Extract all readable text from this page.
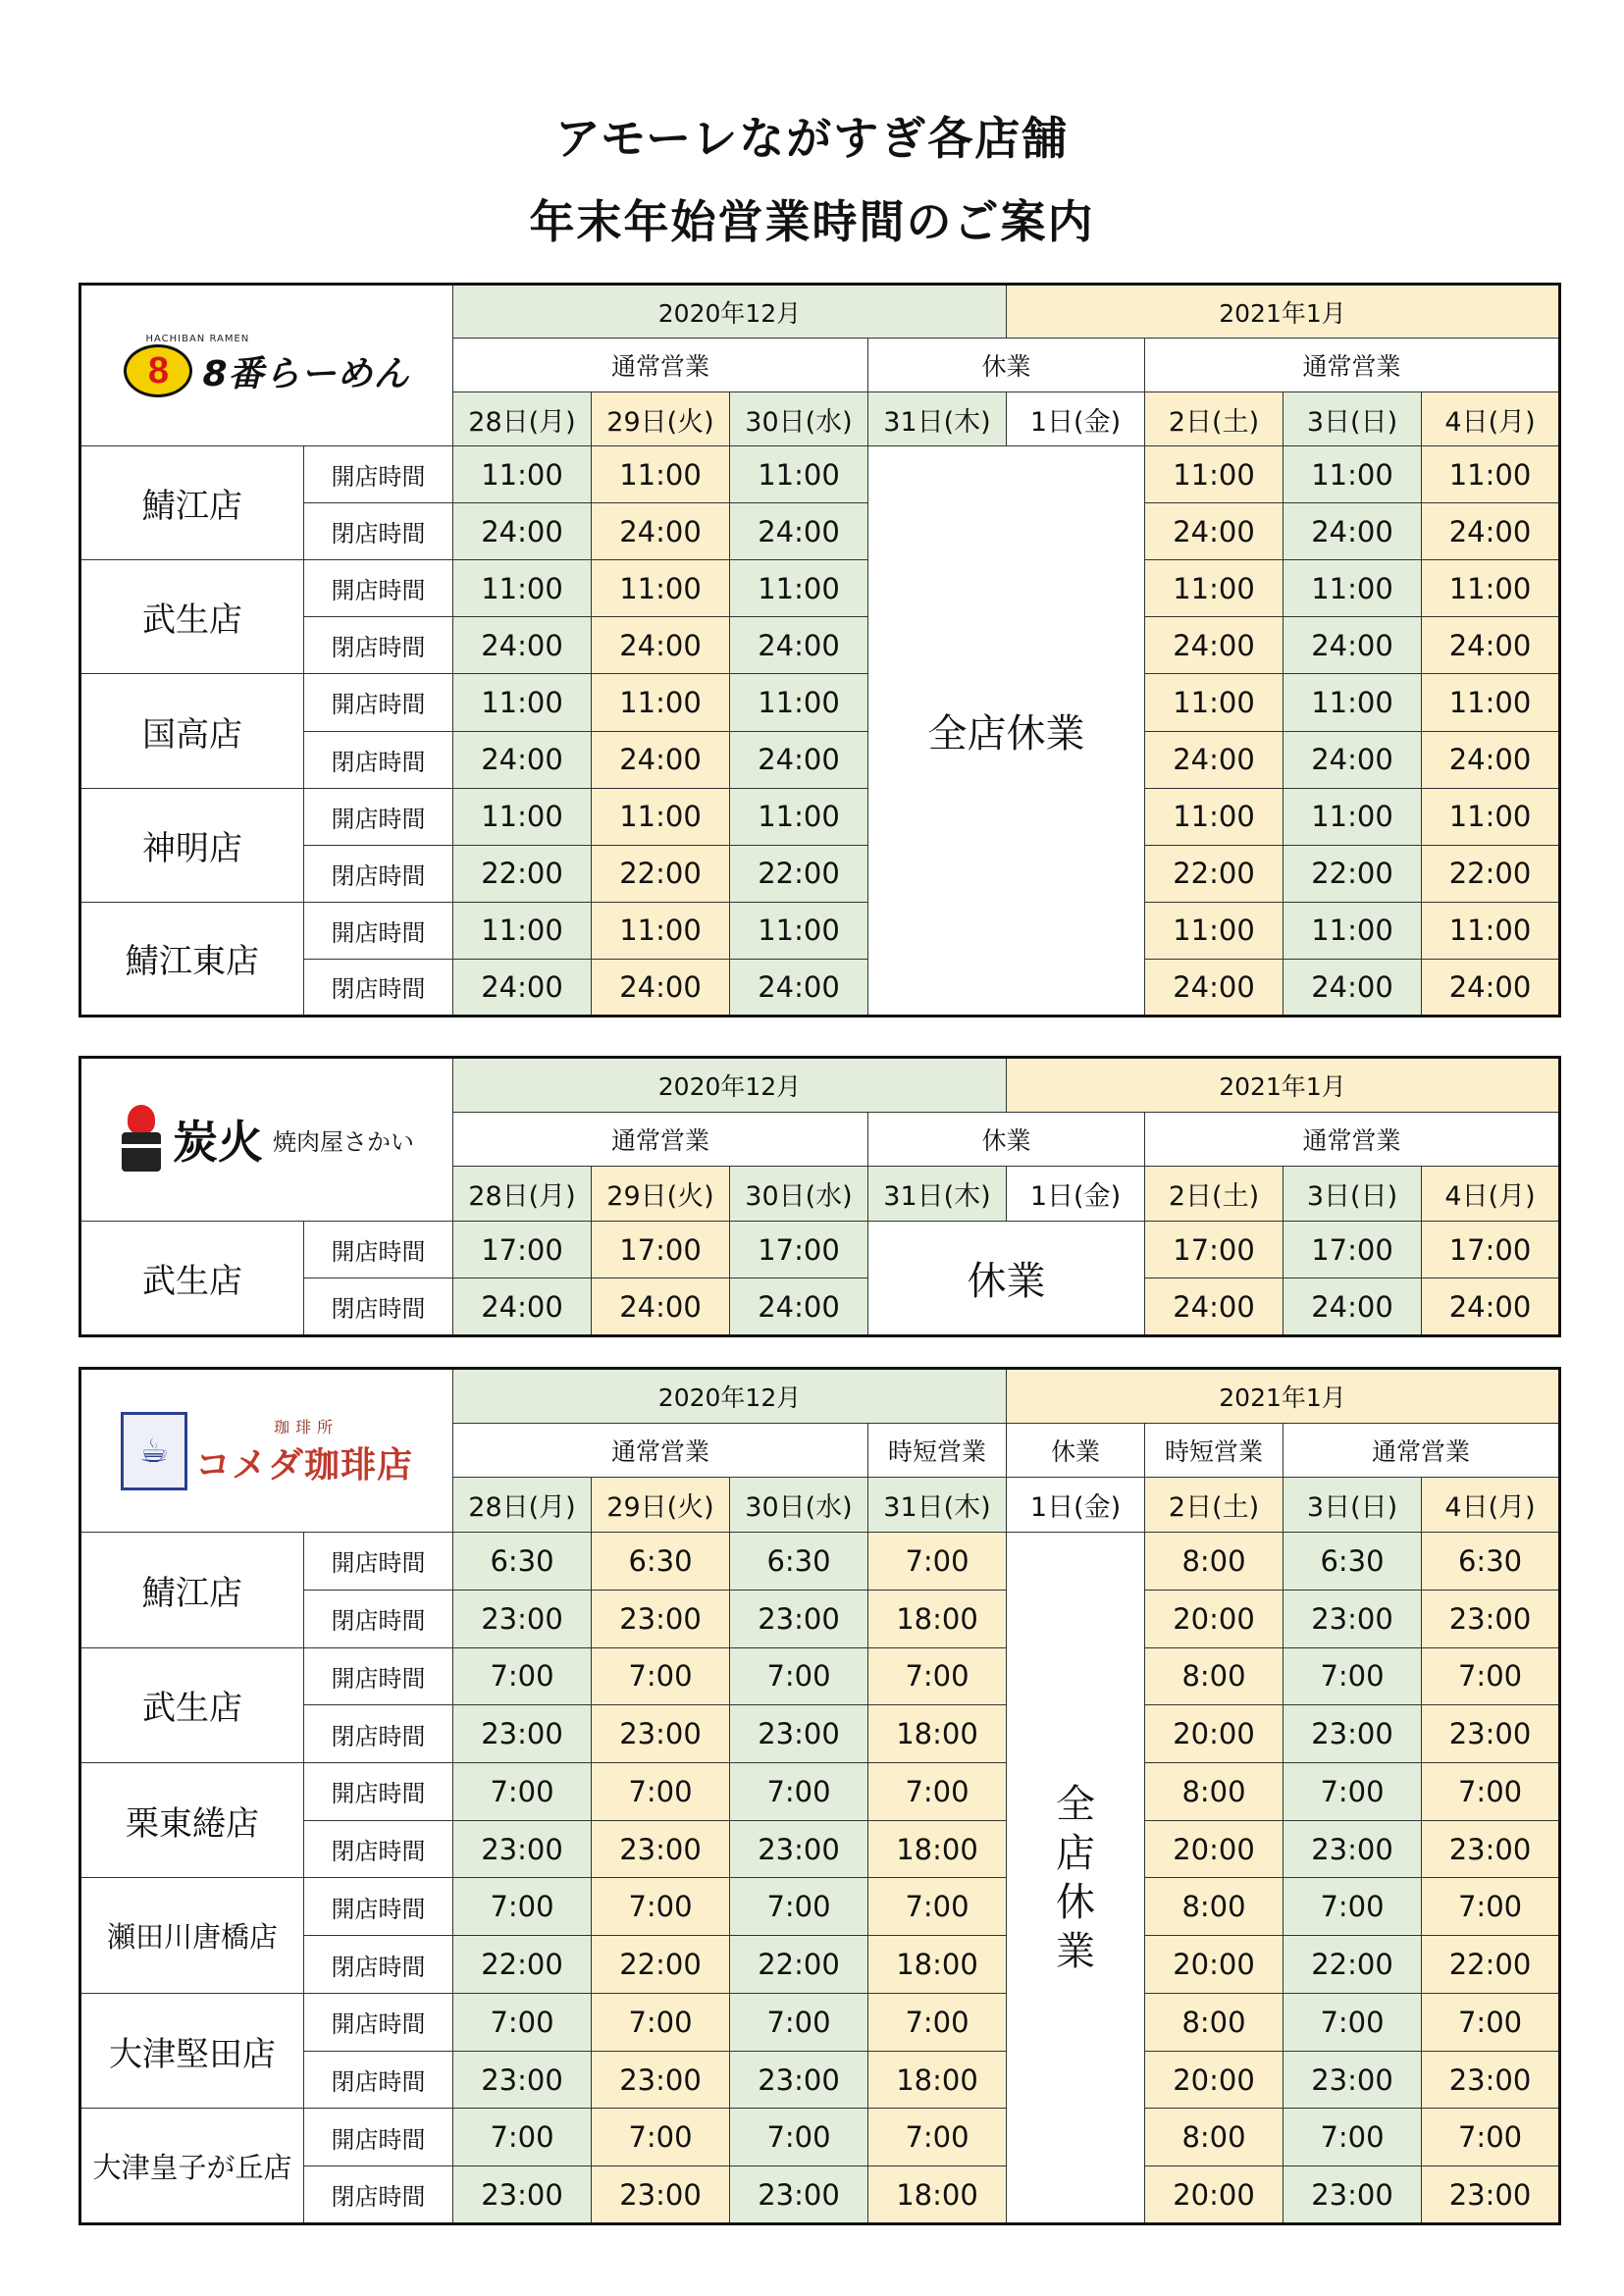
アモーレながすぎ各店舗
年末年始営業時間のご案内
HACHIBAN RAMEN
8 8番らーめん		2020年12月				2021年1月			
		通常営業			休業		通常営業		
		28日(月)	29日(火)	30日(水)	31日(木)	1日(金)	2日(土)	3日(日)	4日(月)
鯖江店	開店時間	11:00	11:00	11:00	全店休業		11:00	11:00	11:00
	閉店時間	24:00	24:00	24:00			24:00	24:00	24:00
武生店	開店時間	11:00	11:00	11:00			11:00	11:00	11:00
	閉店時間	24:00	24:00	24:00			24:00	24:00	24:00
国高店	開店時間	11:00	11:00	11:00			11:00	11:00	11:00
	閉店時間	24:00	24:00	24:00			24:00	24:00	24:00
神明店	開店時間	11:00	11:00	11:00			11:00	11:00	11:00
	閉店時間	22:00	22:00	22:00			22:00	22:00	22:00
鯖江東店	開店時間	11:00	11:00	11:00			11:00	11:00	11:00
	閉店時間	24:00	24:00	24:00			24:00	24:00	24:00
炭火 焼肉屋さかい		2020年12月				2021年1月			
		通常営業			休業		通常営業		
		28日(月)	29日(火)	30日(水)	31日(木)	1日(金)	2日(土)	3日(日)	4日(月)
武生店	開店時間	17:00	17:00	17:00	休業		17:00	17:00	17:00
	閉店時間	24:00	24:00	24:00			24:00	24:00	24:00
☕
珈琲所
コメダ珈琲店		2020年12月				2021年1月			
		通常営業			時短営業	休業	時短営業	通常営業	
		28日(月)	29日(火)	30日(水)	31日(木)	1日(金)	2日(土)	3日(日)	4日(月)
鯖江店	開店時間	6:30	6:30	6:30	7:00	全店休業	8:00	6:30	6:30
	閉店時間	23:00	23:00	23:00	18:00		20:00	23:00	23:00
武生店	開店時間	7:00	7:00	7:00	7:00		8:00	7:00	7:00
	閉店時間	23:00	23:00	23:00	18:00		20:00	23:00	23:00
栗東綣店	開店時間	7:00	7:00	7:00	7:00		8:00	7:00	7:00
	閉店時間	23:00	23:00	23:00	18:00		20:00	23:00	23:00
瀬田川唐橋店	開店時間	7:00	7:00	7:00	7:00		8:00	7:00	7:00
	閉店時間	22:00	22:00	22:00	18:00		20:00	22:00	22:00
大津堅田店	開店時間	7:00	7:00	7:00	7:00		8:00	7:00	7:00
	閉店時間	23:00	23:00	23:00	18:00		20:00	23:00	23:00
大津皇子が丘店	開店時間	7:00	7:00	7:00	7:00		8:00	7:00	7:00
	閉店時間	23:00	23:00	23:00	18:00		20:00	23:00	23:00
